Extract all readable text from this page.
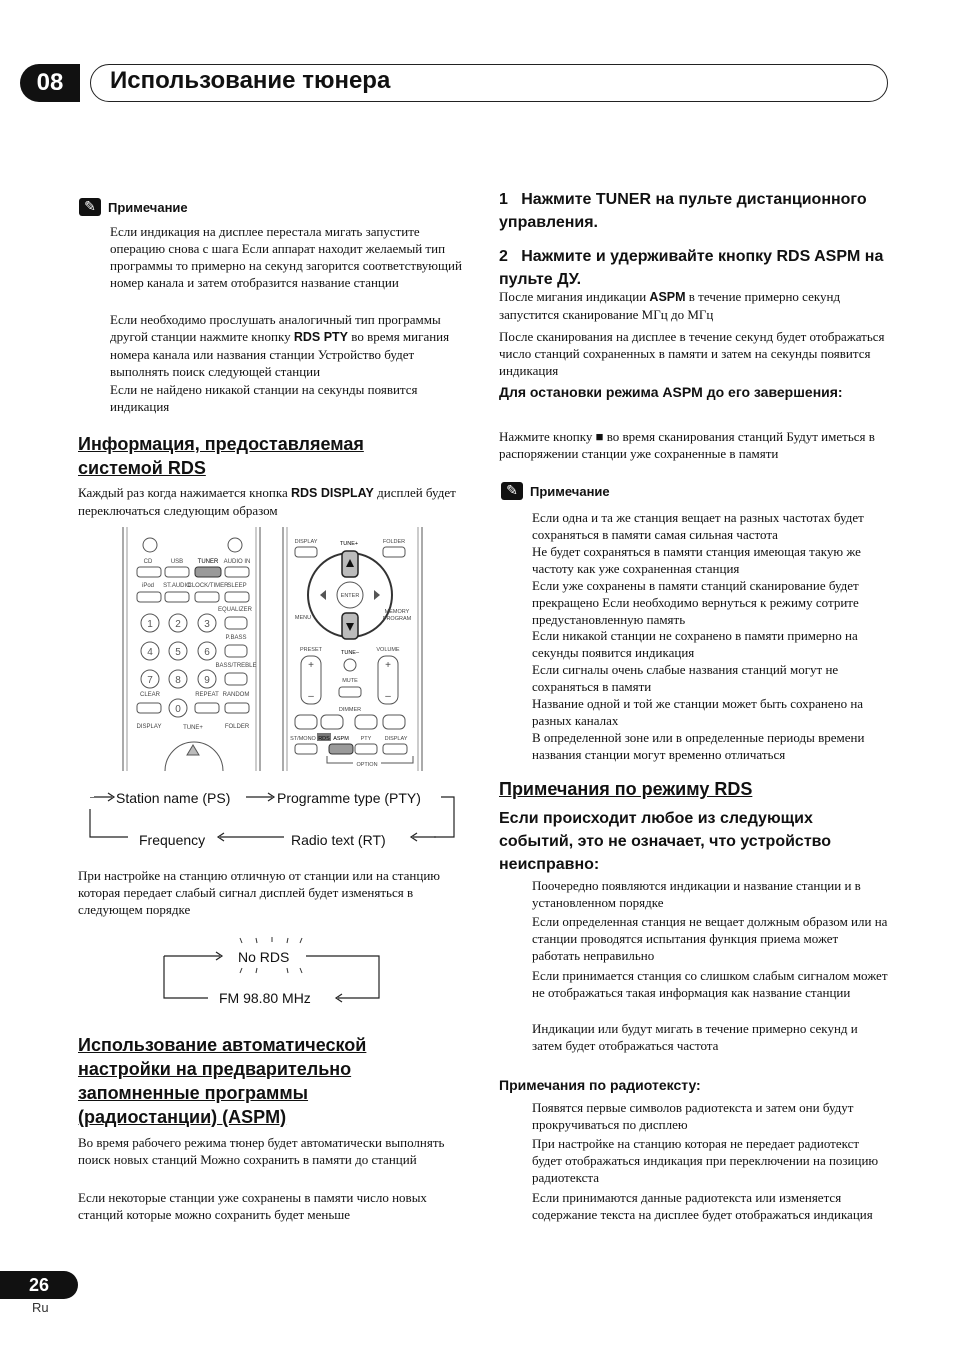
08	Использование тюнера
✎ Примечание
Если индикация на дисплее перестала мигать запустите операцию снова с шага Если аппарат находит желаемый тип программы то примерно на секунд загорится соответствующий номер канала и затем отобразится название станции
Если необходимо прослушать аналогичный тип программы другой станции нажмите кнопку RDS PTY во время мигания номера канала или названия станции Устройство будет выполнять поиск следующей станции
Если не найдено никакой станции на секунды появится индикация
Информация, предоставляемая
системой RDS
Каждый раз когда нажимается кнопка RDS DISPLAY дисплей будет переключаться следующим образом
CD	USB TUNER AUDIO IN
iPod ST.AUDIO
CLOCK/TIMER
SLEEP
EQUALIZER
1 2 3
4 5 6
7 8 9
0
P.BASS
BASS/TREBLE
CLEAR	REPEAT RANDOM
DISPLAY	TUNE+	FOLDER
DISPLAY	TUNE+	FOLDER
ENTER
MENU
MEMORY
PROGRAM
TUNE–
PRESET	VOLUME
+
–
+
–
MUTE
DIMMER
ST/MONO RDS ASPM PTY DISPLAY
OPTION
Station name (PS)	Programme type (PTY)
Frequency	Radio text (RT)
При настройке на станцию отличную от станции или на станцию которая передает слабый сигнал дисплей будет изменяться в следующем порядке
No RDS
FM 98.80 MHz
Использование автоматической
настройки на предварительно
запомненные программы
(радиостанции) (ASPM)
Во время рабочего режима тюнер будет автоматически выполнять поиск новых станций Можно сохранить в памяти до станций
Если некоторые станции уже сохранены в памяти число новых станций которые можно сохранить будет меньше
1 Нажмите TUNER на пульте дистанционного управления.
2 Нажмите и удерживайте кнопку RDS ASPM на пульте ДУ.
После мигания индикации ASPM в течение примерно секунд запустится сканирование МГц до МГц
После сканирования на дисплее в течение секунд будет отображаться число станций сохраненных в памяти и затем на секунды появится индикация
Для остановки режима ASPM до его завершения:
Нажмите кнопку ■ во время сканирования станций Будут иметься в распоряжении станции уже сохраненные в памяти
✎ Примечание
Если одна и та же станция вещает на разных частотах будет сохраняться в памяти самая сильная частота
Не будет сохраняться в памяти станция имеющая такую же частоту как уже сохраненная станция
Если уже сохранены в памяти станций сканирование будет прекращено Если необходимо вернуться к режиму сотрите предустановленную память
Если никакой станции не сохранено в памяти примерно на секунды появится индикация
Если сигналы очень слабые названия станций могут не сохраняться в памяти
Название одной и той же станции может быть сохранено на разных каналах
В определенной зоне или в определенные периоды времени названия станции могут временно отличаться
Примечания по режиму RDS
Если происходит любое из следующих событий, это не означает, что устройство неисправно:
Поочередно появляются индикации и название станции и в установленном порядке
Если определенная станция не вещает должным образом или на станции проводятся испытания функция приема может работать неправильно
Если принимается станция со слишком слабым сигналом может не отображаться такая информация как название станции
Индикации или будут мигать в течение примерно секунд и затем будет отображаться частота
Примечания по радиотексту:
Появятся первые символов радиотекста и затем они будут прокручиваться по дисплею
При настройке на станцию которая не передает радиотекст будет отображаться индикация при переключении на позицию радиотекста
Если принимаются данные радиотекста или изменяется содержание текста на дисплее будет отображаться индикация
26
Ru
